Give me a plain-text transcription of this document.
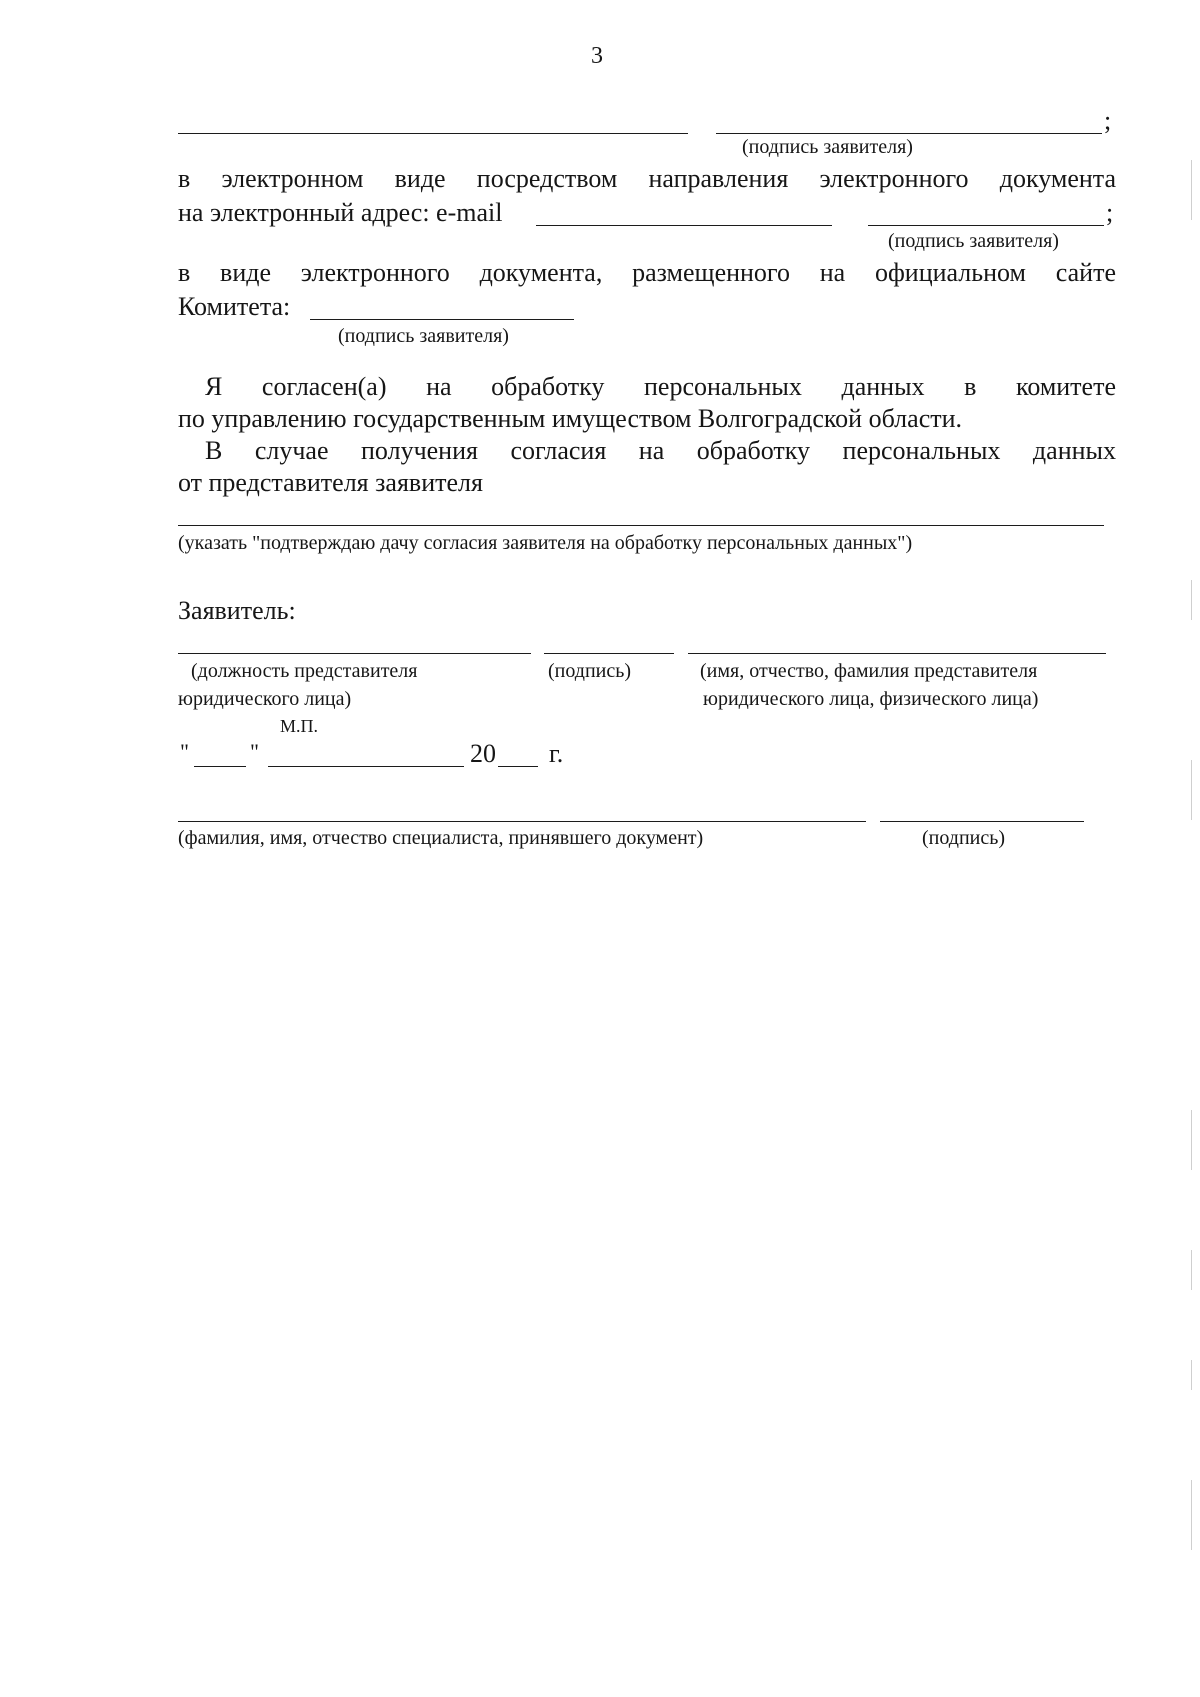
3
;
(подпись заявителя)
в электронном виде посредством направления электронного документа
на электронный адрес: e-mail	;
(подпись заявителя)
в виде электронного документа, размещенного на официальном сайте
Комитета:
(подпись заявителя)
Я согласен(а) на обработку персональных данных в комитете
по управлению государственным имуществом Волгоградской области.
В случае получения согласия на обработку персональных данных
от представителя заявителя
(указать "подтверждаю дачу согласия заявителя на обработку персональных данных")
Заявитель:
(должность представителя
юридического лица)
(подпись)	(имя, отчество, фамилия представителя
юридического лица, физического лица)
М.П.
"	"	20 г.
(фамилия, имя, отчество специалиста, принявшего документ)	(подпись)
